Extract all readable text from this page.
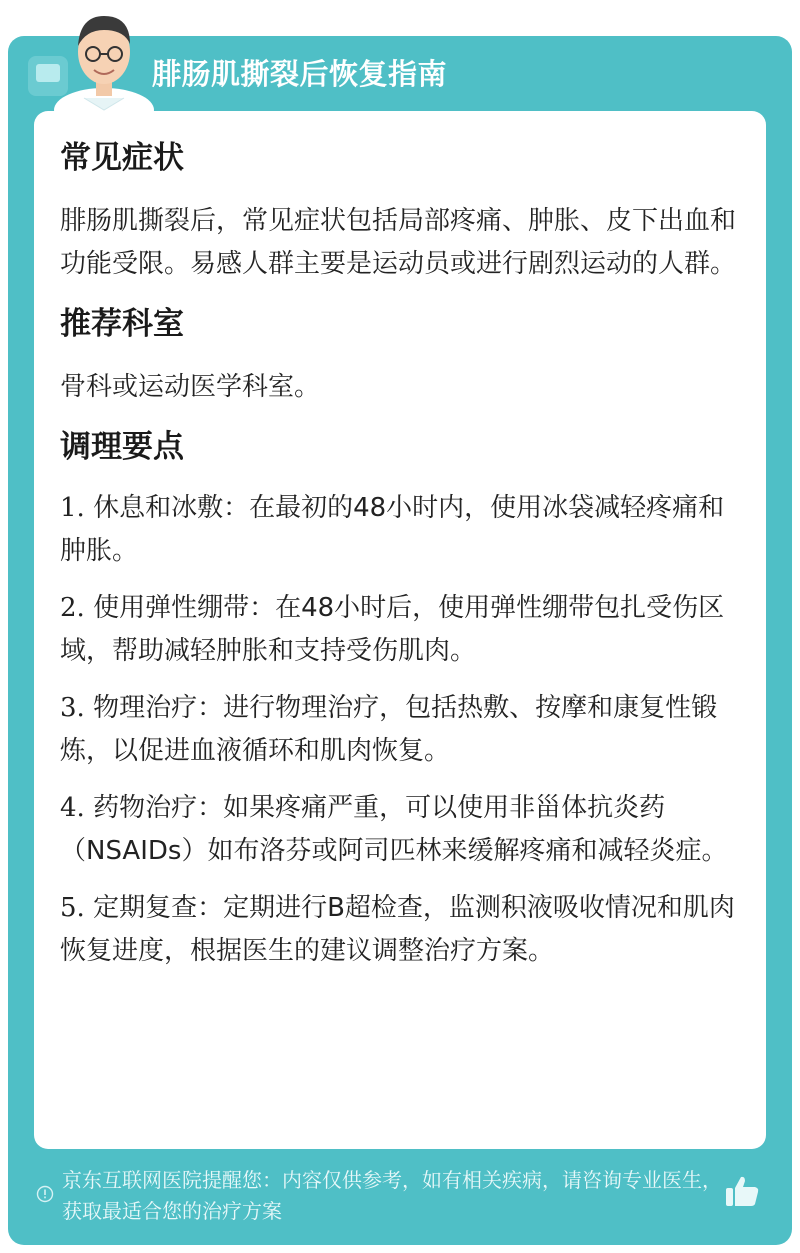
腓肠肌撕裂后恢复指南
常见症状

腓肠肌撕裂后，常见症状包括局部疼痛、肿胀、皮下出血和功能受限。易感人群主要是运动员或进行剧烈运动的人群。

推荐科室

骨科或运动医学科室。

调理要点

1. 休息和冰敷：在最初的48小时内，使用冰袋减轻疼痛和肿胀。

2. 使用弹性绷带：在48小时后，使用弹性绷带包扎受伤区域，帮助减轻肿胀和支持受伤肌肉。

3. 物理治疗：进行物理治疗，包括热敷、按摩和康复性锻炼，以促进血液循环和肌肉恢复。

4. 药物治疗：如果疼痛严重，可以使用非甾体抗炎药（NSAIDs）如布洛芬或阿司匹林来缓解疼痛和减轻炎症。

5. 定期复查：定期进行B超检查，监测积液吸收情况和肌肉恢复进度，根据医生的建议调整治疗方案。

京东互联网医院提醒您：内容仅供参考，如有相关疾病，请咨询专业医生，获取最适合您的治疗方案
